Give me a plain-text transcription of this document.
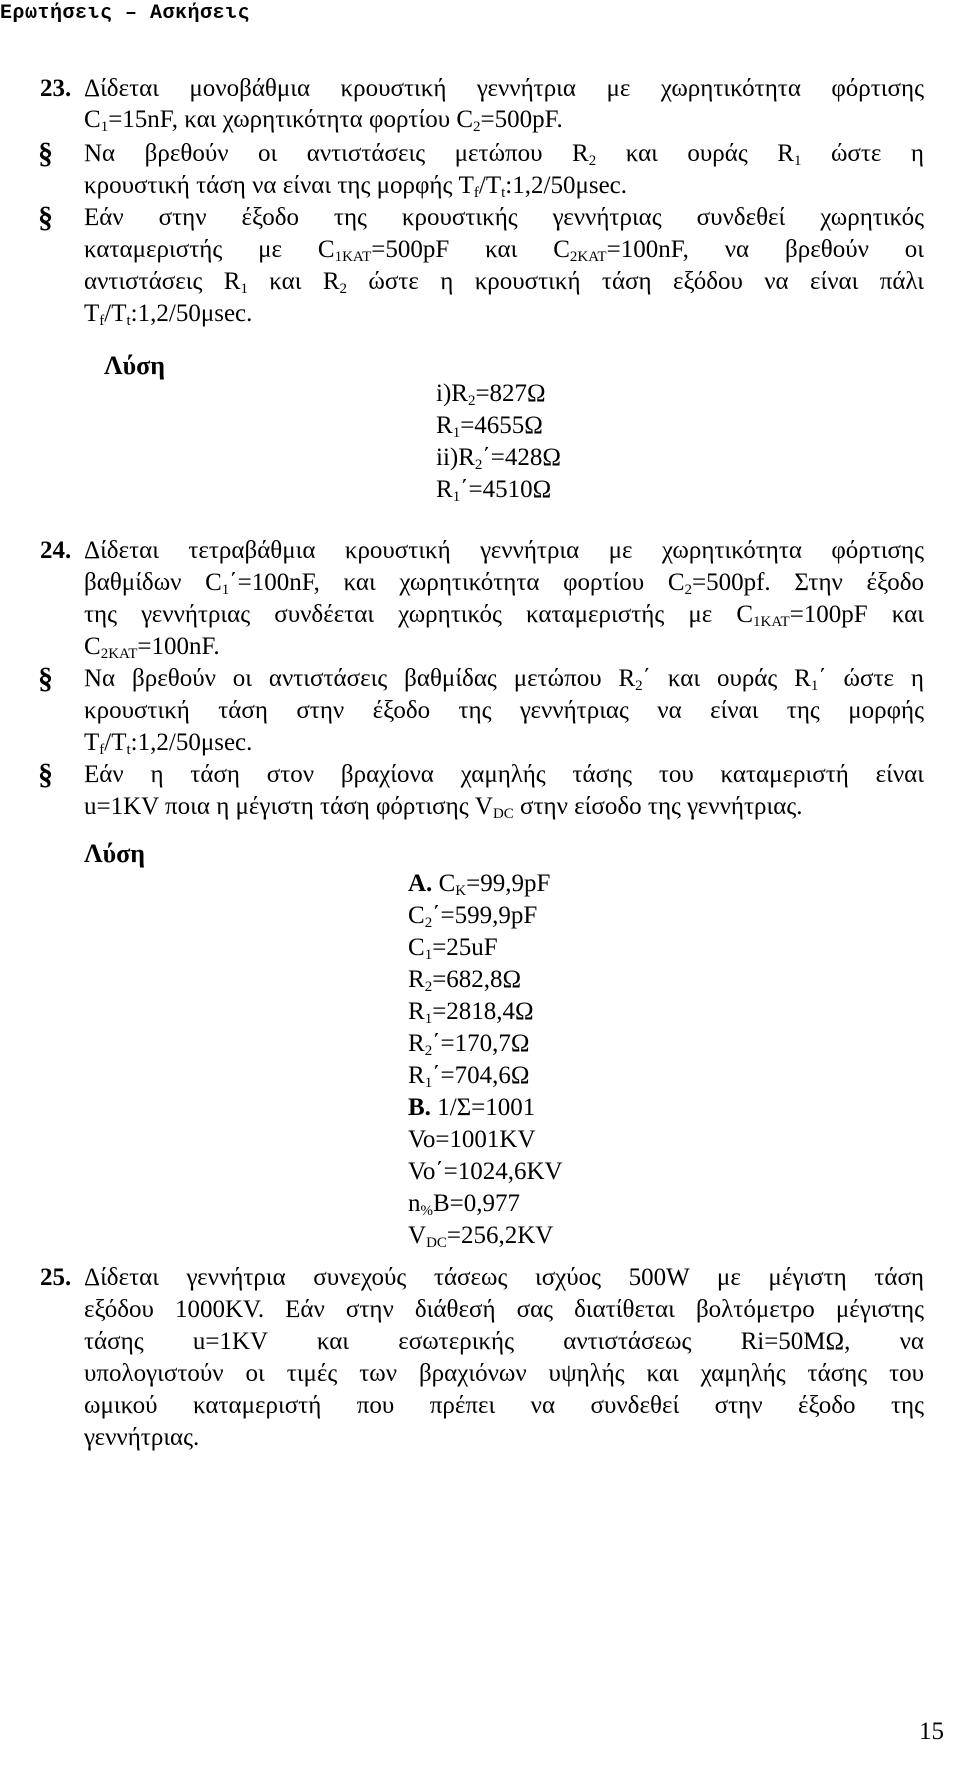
Ερωτήσεις – Ασκήσεις
23. Δίδεται μονοβάθμια κρουστική γεννήτρια με χωρητικότητα φόρτισης
$C_1=15nF$, και χωρητικότητα φορτίου $C_2=500pF$.
§ Να βρεθούν οι αντιστάσεις μετώπου $R_2$ και ουράς $R_1$ ώστε η
κρουστική τάση να είναι της μορφής $T_f/T_t:1,2/50\mu\sec$.
§ Εάν στην έξοδο της κρουστικής γεννήτριας συνδεθεί χωρητικός
καταμεριστής με $C_{1KAT}=500pF$ και $C_{2KAT}=100nF$, να βρεθούν οι
αντιστάσεις $R_1$ και $R_2$ ώστε η κρουστική τάση εξόδου να είναι πάλι
$T_f/T_t:1,2/50\mu\sec$.
Λύση
$i)R_2=827\Omega$
$R_1=4655\Omega$
$ii)R_2΄=428\Omega$
$R_1΄=4510\Omega$
24. Δίδεται τετραβάθμια κρουστική γεννήτρια με χωρητικότητα φόρτισης
βαθμίδων $C_1΄=100nF$, και χωρητικότητα φορτίου $C_2=500pf$. Στην έξοδο
της γεννήτριας συνδέεται χωρητικός καταμεριστής με $C_{1KAT}=100pF$ και
$C_{2KAT}=100nF$.
§ Να βρεθούν οι αντιστάσεις βαθμίδας μετώπου $R_2΄$ και ουράς $R_1΄$ ώστε η
κρουστική τάση στην έξοδο της γεννήτριας να είναι της μορφής
$T_f/T_t:1,2/50\mu\sec$.
§ Εάν η τάση στον βραχίονα χαμηλής τάσης του καταμεριστή είναι
u=1KV ποια η μέγιστη τάση φόρτισης $V_{DC}$ στην είσοδο της γεννήτριας.
Λύση
A. $C_K=99,9pF$
$C_2΄=599,9pF$
$C_1=25uF$
$R_2=682,8\Omega$
$R_1=2818,4\Omega$
$R_2΄=170,7\Omega$
$R_1΄=704,6\Omega$
B. 1/Σ=1001
Vo=1001KV
Vo΄=1024,6KV
$n_{\%}B=0,977$
$V_{DC}=256,2KV$
25. Δίδεται γεννήτρια συνεχούς τάσεως ισχύος 500W με μέγιστη τάση
εξόδου 1000KV. Εάν στην διάθεσή σας διατίθεται βολτόμετρο μέγιστης
τάσης u=1KV και εσωτερικής αντιστάσεως Ri=50MΩ, να
υπολογιστούν οι τιμές των βραχιόνων υψηλής και χαμηλής τάσης του
ωμικού καταμεριστή που πρέπει να συνδεθεί στην έξοδο της
γεννήτριας.
15
